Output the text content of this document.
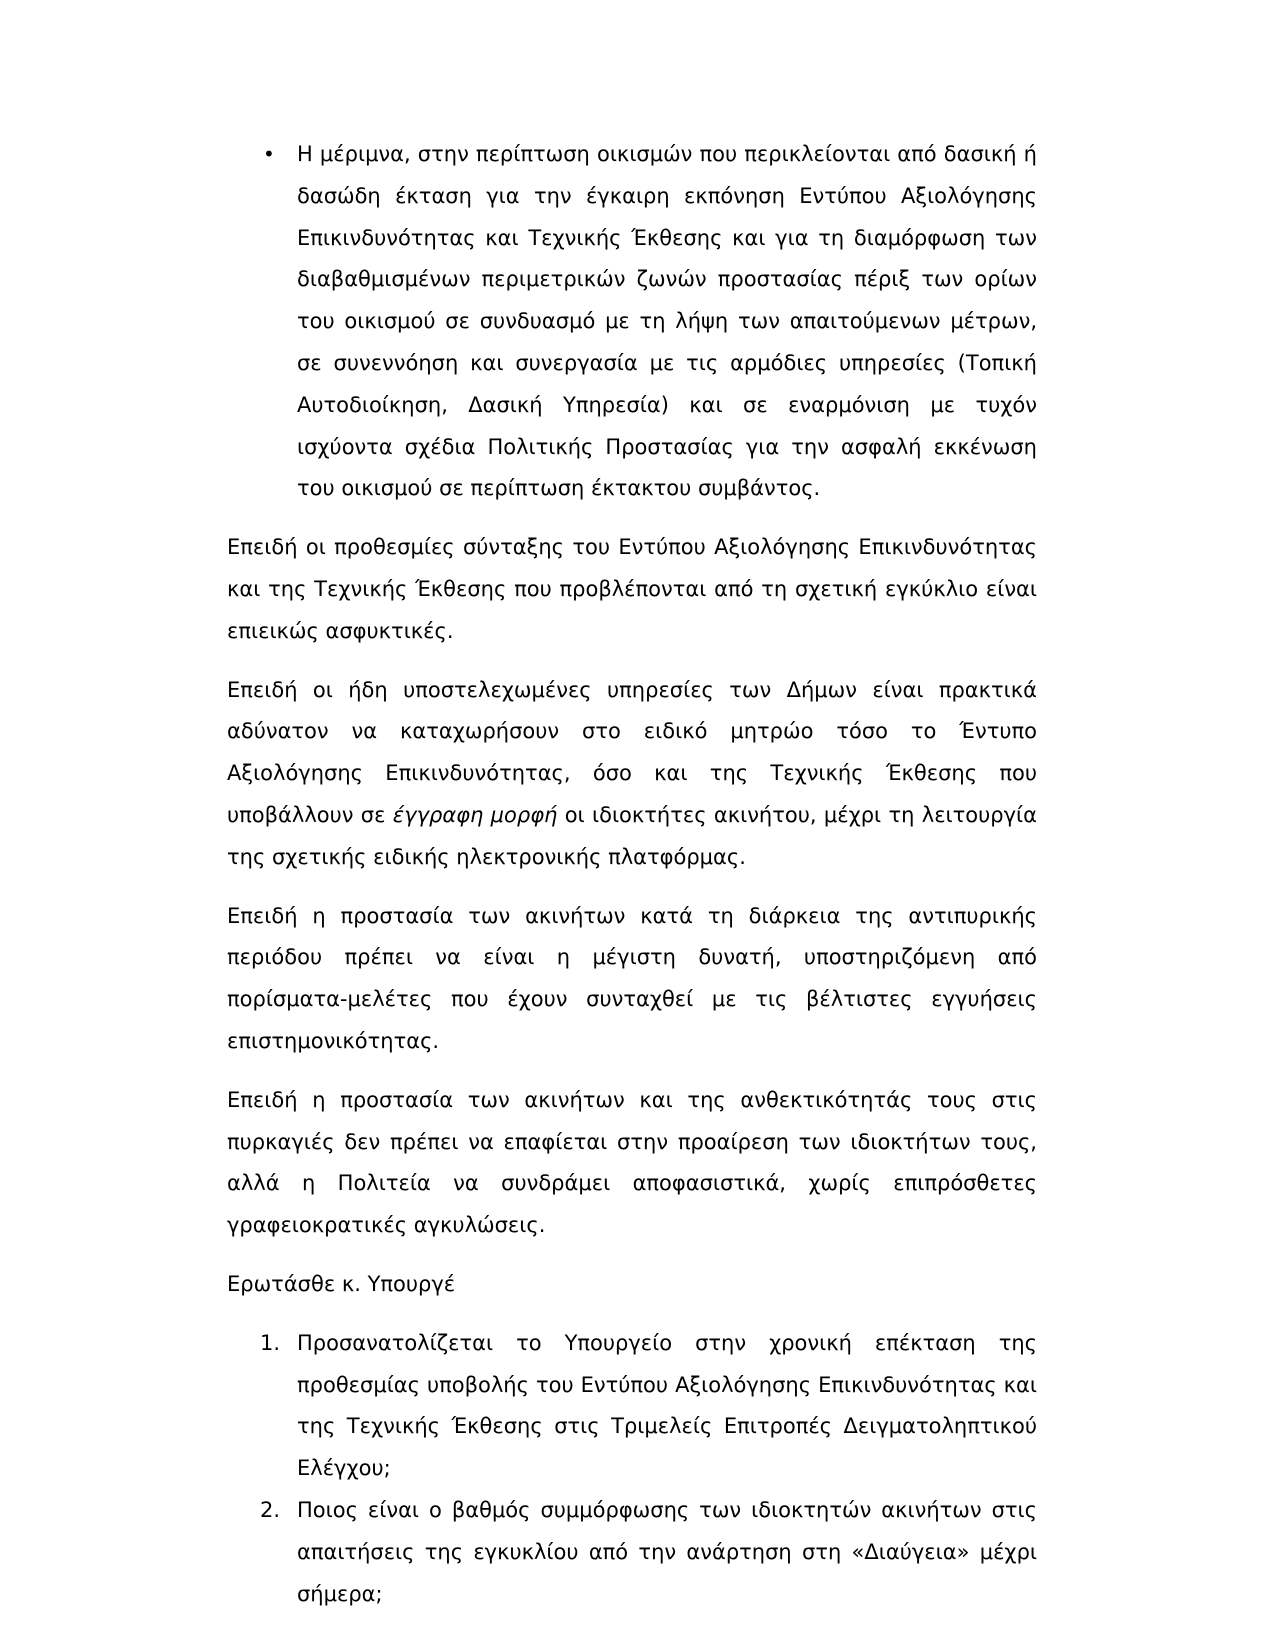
• Η μέριμνα, στην περίπτωση οικισμών που περικλείονται από δασική ή δασώδη έκταση για την έγκαιρη εκπόνηση Εντύπου Αξιολόγησης Επικινδυνότητας και Τεχνικής Έκθεσης και για τη διαμόρφωση των διαβαθμισμένων περιμετρικών ζωνών προστασίας πέριξ των ορίων του οικισμού σε συνδυασμό με τη λήψη των απαιτούμενων μέτρων, σε συνεννόηση και συνεργασία με τις αρμόδιες υπηρεσίες (Τοπική Αυτοδιοίκηση, Δασική Υπηρεσία) και σε εναρμόνιση με τυχόν ισχύοντα σχέδια Πολιτικής Προστασίας για την ασφαλή εκκένωση του οικισμού σε περίπτωση έκτακτου συμβάντος.

Επειδή οι προθεσμίες σύνταξης του Εντύπου Αξιολόγησης Επικινδυνότητας και της Τεχνικής Έκθεσης που προβλέπονται από τη σχετική εγκύκλιο είναι επιεικώς ασφυκτικές.

Επειδή οι ήδη υποστελεχωμένες υπηρεσίες των Δήμων είναι πρακτικά αδύνατον να καταχωρήσουν στο ειδικό μητρώο τόσο το Έντυπο Αξιολόγησης Επικινδυνότητας, όσο και της Τεχνικής Έκθεσης που υποβάλλουν σε έγγραφη μορφή οι ιδιοκτήτες ακινήτου, μέχρι τη λειτουργία της σχετικής ειδικής ηλεκτρονικής πλατφόρμας.

Επειδή η προστασία των ακινήτων κατά τη διάρκεια της αντιπυρικής περιόδου πρέπει να είναι η μέγιστη δυνατή, υποστηριζόμενη από πορίσματα-μελέτες που έχουν συνταχθεί με τις βέλτιστες εγγυήσεις επιστημονικότητας.

Επειδή η προστασία των ακινήτων και της ανθεκτικότητάς τους στις πυρκαγιές δεν πρέπει να επαφίεται στην προαίρεση των ιδιοκτήτων τους, αλλά η Πολιτεία να συνδράμει αποφασιστικά, χωρίς επιπρόσθετες γραφειοκρατικές αγκυλώσεις.

Ερωτάσθε κ. Υπουργέ

1. Προσανατολίζεται το Υπουργείο στην χρονική επέκταση της προθεσμίας υποβολής του Εντύπου Αξιολόγησης Επικινδυνότητας και της Τεχνικής Έκθεσης στις Τριμελείς Επιτροπές Δειγματοληπτικού Ελέγχου;
2. Ποιος είναι ο βαθμός συμμόρφωσης των ιδιοκτητών ακινήτων στις απαιτήσεις της εγκυκλίου από την ανάρτηση στη «Διαύγεια» μέχρι σήμερα;
